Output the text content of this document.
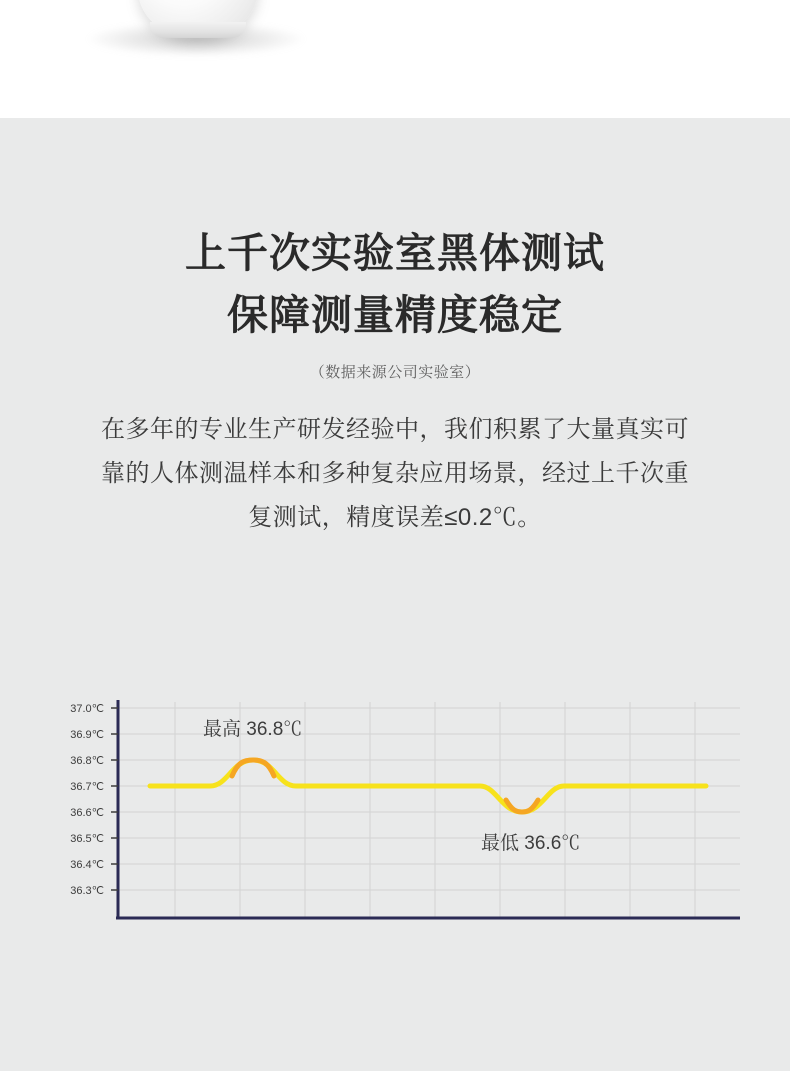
上千次实验室黑体测试
保障测量精度稳定

（数据来源公司实验室）

在多年的专业生产研发经验中，我们积累了大量真实可靠的人体测温样本和多种复杂应用场景，经过上千次重复测试，精度误差≤0.2℃。

37.0℃
36.9℃
36.8℃
36.7℃
36.6℃
36.5℃
36.4℃
36.3℃
最高 36.8℃
最低 36.6℃
